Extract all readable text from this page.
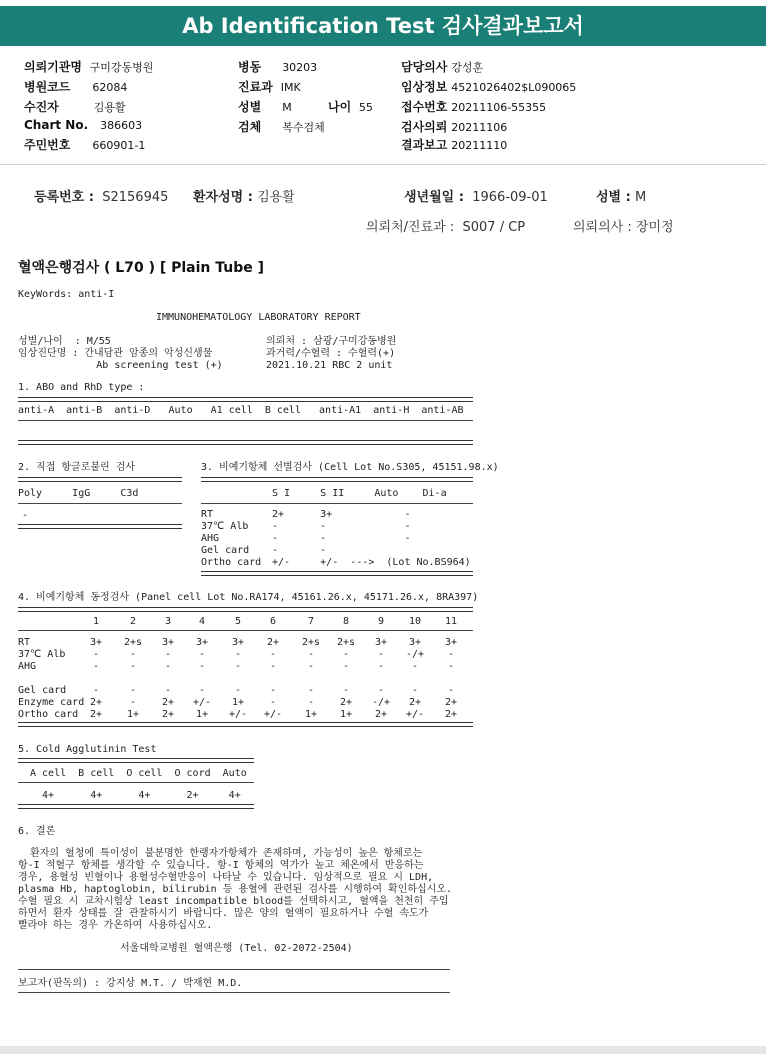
Ab Identification Test 검사결과보고서
의뢰기관명 구미강동병원
병원코드 62084
수진자	김용활
Chart No. 386603
주민번호 660901-1
병동 30203
진료과 IMK
성별 M	나이 55
검체 복수검체
담당의사 강성훈
임상정보 4521026402$L090065
접수번호 20211106-55355
검사의뢰 20211106
결과보고 20211110
등록번호 : S2156945 환자성명 : 김용활	생년월일 : 1966-09-01	성별 : M
의뢰처/진료과 : S007 / CP	의뢰의사 : 장미정
혈액은행검사 ( L70 ) [ Plain Tube ]
KeyWords: anti-I
IMMUNOHEMATOLOGY LABORATORY REPORT
성별/나이  : M/55
임상진단명 : 간내담관 암종의 악성신생물
Ab screening test (+)
의뢰처 : 삼광/구미강동병원
과거력/수혈력 : 수혈력(+)
2021.10.21 RBC 2 unit
1. ABO and RhD type :
anti-A  anti-B  anti-D   Auto   A1 cell  B cell   anti-A1  anti-H  anti-AB
2. 직접 항글로불린 검사
Poly     IgG     C3d
-
3. 비예기항체 선별검사 (Cell Lot No.S305, 45151.98.x)
S I     S II     Auto    Di-a
RT	2+      3+            -
37℃ Alb -       -             -
AHG	-       -             -
Gel card -       -
Ortho card +/-     +/-  --->  (Lot No.BS964)
4. 비예기항체 동정검사 (Panel cell Lot No.RA174, 45161.26.x, 45171.26.x, 8RA397)
1	2	3	4	5	6	7	8	9	10	11
RT	3+	2+s	3+	3+	3+	2+	2+s	2+s	3+	3+	3+
37℃ Alb	-	-	-	-	-	-	-	-	-	-/+	-
AHG	-	-	-	-	-	-	-	-	-	-	-
Gel card	-	-	-	-	-	-	-	-	-	-	-
Enzyme card 2+	-	2+	+/-	1+	-	-	2+	-/+	2+	2+
Ortho card	2+	1+	2+	1+	+/-	+/-	1+	1+	2+	+/-	2+
5. Cold Agglutinin Test
A cell  B cell  O cell  O cord  Auto
4+      4+      4+      2+     4+
6. 결론
환자의 혈청에 특이성이 불분명한 한랭자가항체가 존재하며, 가능성이 높은 항체로는
항-I 적혈구 항체를 생각할 수 있습니다. 항-I 항체의 역가가 높고 체온에서 반응하는
경우, 용혈성 빈혈이나 용혈성수혈반응이 나타날 수 있습니다. 임상적으로 필요 시 LDH,
plasma Hb, haptoglobin, bilirubin 등 용혈에 관련된 검사를 시행하여 확인하십시오.
수혈 필요 시 교차시험상 least incompatible blood를 선택하시고, 혈액을 천천히 주입
하면서 환자 상태를 잘 관찰하시기 바랍니다. 많은 양의 혈액이 필요하거나 수혈 속도가
빨라야 하는 경우 가온하여 사용하십시오.
서울대학교병원 혈액은행 (Tel. 02-2072-2504)
보고자(판독의) : 강지상 M.T. / 박재현 M.D.
